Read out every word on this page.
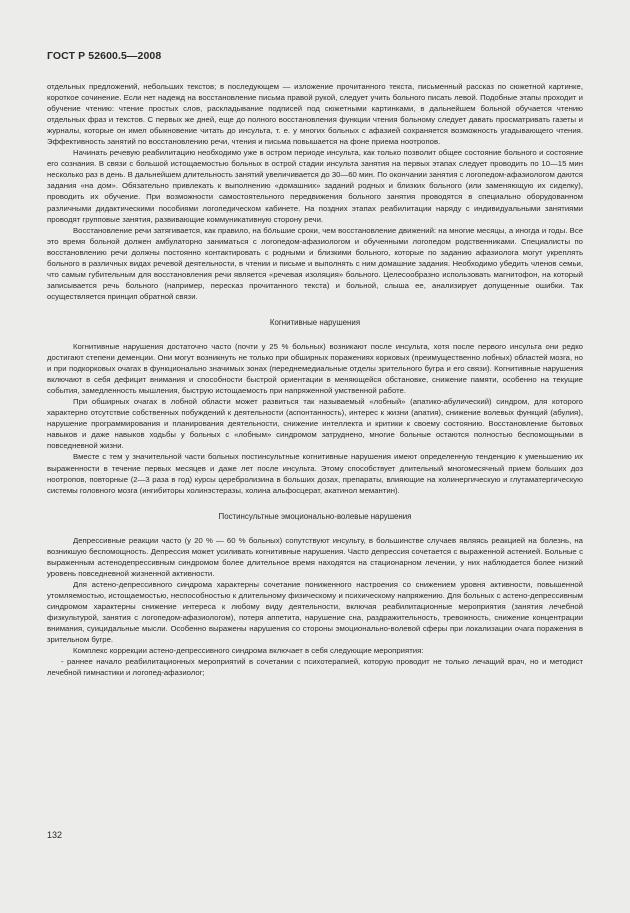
ГОСТ Р 52600.5—2008

отдельных предложений, небольших текстов; в последующем — изложение прочитанного текста, письменный рассказ по сюжетной картинке, короткое сочинение. Если нет надежд на восстановление письма правой рукой, следует учить больного писать левой. Подобные этапы проходит и обучение чтению: чтение простых слов, раскладывание подписей под сюжетными картинками, в дальнейшем больной обучается чтению отдельных фраз и текстов. С первых же дней, еще до полного восстановления функции чтения больному следует давать просматривать газеты и журналы, которые он имел обыкновение читать до инсульта, т. е. у многих больных с афазией сохраняется возможность угадывающего чтения. Эффективность занятий по восстановлению речи, чтения и письма повышается на фоне приема ноотропов.

Начинать речевую реабилитацию необходимо уже в остром периоде инсульта, как только позволит общее состояние больного и состояние его сознания. В связи с большой истощаемостью больных в острой стадии инсульта занятия на первых этапах следует проводить по 10—15 мин несколько раз в день. В дальнейшем длительность занятий увеличивается до 30—60 мин. По окончании занятия с логопедом-афазиологом даются задания «на дом». Обязательно привлекать к выполнению «домашних» заданий родных и близких больного (или заменяющую их сиделку), проводить их обучение. При возможности самостоятельного передвижения больного занятия проводятся в специально оборудованном различными дидактическими пособиями логопедическом кабинете. На поздних этапах реабилитации наряду с индивидуальными занятиями проводят групповые занятия, развивающие коммуникативную сторону речи.

Восстановление речи затягивается, как правило, на бо́льшие сроки, чем восстановление движений: на многие месяцы, а иногда и годы. Все это время больной должен амбулаторно заниматься с логопедом-афазиологом и обученными логопедом родственниками. Специалисты по восстановлению речи должны постоянно контактировать с родными и близкими больного, которые по заданию афазиолога могут укреплять больного в различных видах речевой деятельности, в чтении и письме и выполнять с ним домашние задания. Необходимо убедить членов семьи, что самым губительным для восстановления речи является «речевая изоляция» больного. Целесообразно использовать магнитофон, на который записывается речь больного (например, пересказ прочитанного текста) и больной, слыша ее, анализирует допущенные ошибки. Так осуществляется принцип обратной связи.

Когнитивные нарушения

Когнитивные нарушения достаточно часто (почти у 25 % больных) возникают после инсульта, хотя после первого инсульта они редко достигают степени деменции. Они могут возникнуть не только при обширных поражениях корковых (преимущественно лобных) областей мозга, но и при подкорковых очагах в функционально значимых зонах (переднемедиальные отделы зрительного бугра и его связи). Когнитивные нарушения включают в себя дефицит внимания и способности быстрой ориентации в меняющейся обстановке, снижение памяти, особенно на текущие события, замедленность мышления, быструю истощаемость при напряженной умственной работе.

При обширных очагах в лобной области может развиться так называемый «лобный» (апатико-абулический) синдром, для которого характерно отсутствие собственных побуждений к деятельности (аспонтанность), интерес к жизни (апатия), снижение волевых функций (абулия), нарушение программирования и планирования деятельности, снижение интеллекта и критики к своему состоянию. Восстановление бытовых навыков и даже навыков ходьбы у больных с «лобным» синдромом затруднено, многие больные остаются полностью беспомощными в повседневной жизни.

Вместе с тем у значительной части больных постинсультные когнитивные нарушения имеют определенную тенденцию к уменьшению их выраженности в течение первых месяцев и даже лет после инсульта. Этому способствует длительный многомесячный прием больших доз ноотропов, повторные (2—3 раза в год) курсы церебролизина в больших дозах, препараты, влияющие на холинергическую и глутаматергическую системы головного мозга (ингибиторы холинэстеразы, холина альфосцерат, акатинол мемантин).

Постинсультные эмоционально-волевые нарушения

Депрессивные реакции часто (у 20 % — 60 % больных) сопутствуют инсульту, в большинстве случаев являясь реакцией на болезнь, на возникшую беспомощность. Депрессия может усиливать когнитивные нарушения. Часто депрессия сочетается с выраженной астенией. Больные с выраженным астенодепрессивным синдромом более длительное время находятся на стационарном лечении, у них наблюдается более низкий уровень повседневной жизненной активности.

Для астено-депрессивного синдрома характерны сочетание пониженного настроения со снижением уровня активности, повышенной утомляемостью, истощаемостью, неспособностью к длительному физическому и психическому напряжению. Для больных с астено-депрессивным синдромом характерны снижение интереса к любому виду деятельности, включая реабилитационные мероприятия (занятия лечебной физкультурой, занятия с логопедом-афазиологом), потеря аппетита, нарушение сна, раздражительность, тревожность, снижение концентрации внимания, суицидальные мысли. Особенно выражены нарушения со стороны эмоционально-волевой сферы при локализации очага поражения в зрительном бугре.

Комплекс коррекции астено-депрессивного синдрома включает в себя следующие мероприятия:

- раннее начало реабилитационных мероприятий в сочетании с психотерапией, которую проводит не только лечащий врач, но и методист лечебной гимнастики и логопед-афазиолог;

132
